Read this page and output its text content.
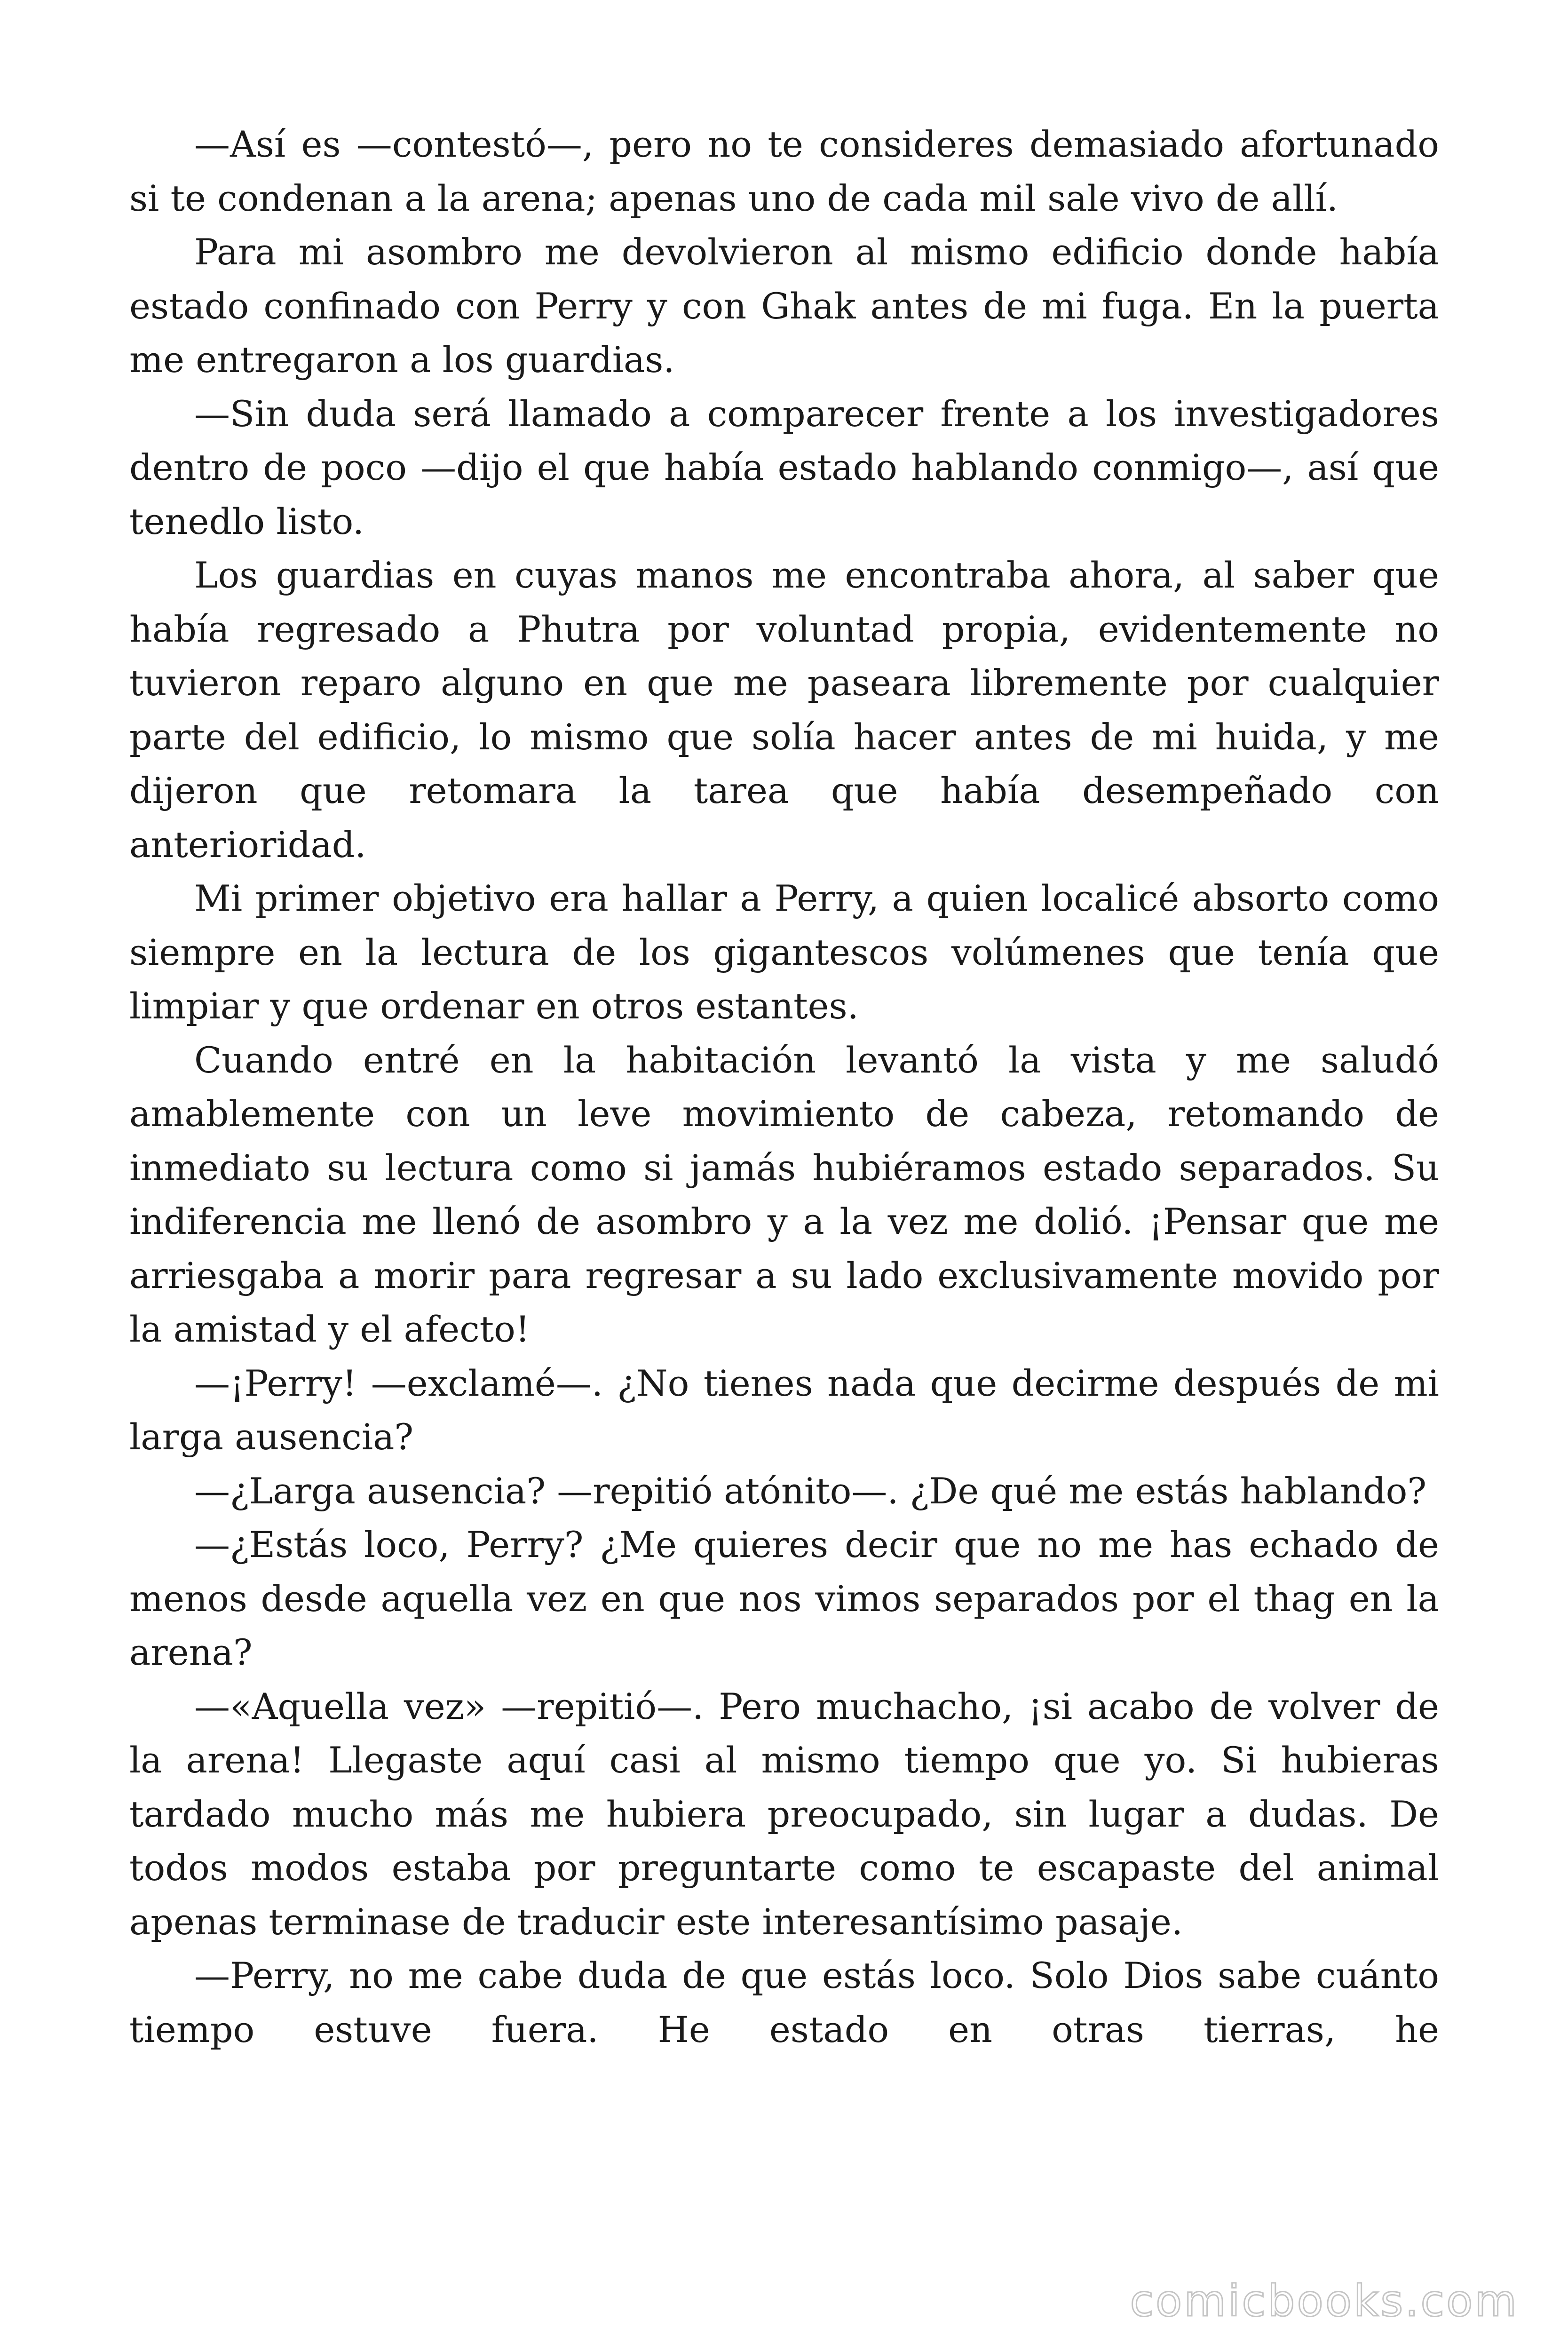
—Así es —contestó—, pero no te consideres demasiado afortunado si te condenan a la arena; apenas uno de cada mil sale vivo de allí.

Para mi asombro me devolvieron al mismo edificio donde había estado confinado con Perry y con Ghak antes de mi fuga. En la puerta me entregaron a los guardias.

—Sin duda será llamado a comparecer frente a los investigadores dentro de poco —dijo el que había estado hablando conmigo—, así que tenedlo listo.

Los guardias en cuyas manos me encontraba ahora, al saber que había regresado a Phutra por voluntad propia, evidentemente no tuvieron reparo alguno en que me paseara libremente por cualquier parte del edificio, lo mismo que solía hacer antes de mi huida, y me dijeron que retomara la tarea que había desempeñado con anterioridad.

Mi primer objetivo era hallar a Perry, a quien localicé absorto como siempre en la lectura de los gigantescos volúmenes que tenía que limpiar y que ordenar en otros estantes.

Cuando entré en la habitación levantó la vista y me saludó amablemente con un leve movimiento de cabeza, retomando de inmediato su lectura como si jamás hubiéramos estado separados. Su indiferencia me llenó de asombro y a la vez me dolió. ¡Pensar que me arriesgaba a morir para regresar a su lado exclusivamente movido por la amistad y el afecto!

—¡Perry! —exclamé—. ¿No tienes nada que decirme después de mi larga ausencia?

—¿Larga ausencia? —repitió atónito—. ¿De qué me estás hablando?

—¿Estás loco, Perry? ¿Me quieres decir que no me has echado de menos desde aquella vez en que nos vimos separados por el thag en la arena?

—«Aquella vez» —repitió—. Pero muchacho, ¡si acabo de volver de la arena! Llegaste aquí casi al mismo tiempo que yo. Si hubieras tardado mucho más me hubiera preocupado, sin lugar a dudas. De todos modos estaba por preguntarte como te escapaste del animal apenas terminase de traducir este interesantísimo pasaje.

—Perry, no me cabe duda de que estás loco. Solo Dios sabe cuánto tiempo estuve fuera. He estado en otras tierras, he

comicbooks.com
